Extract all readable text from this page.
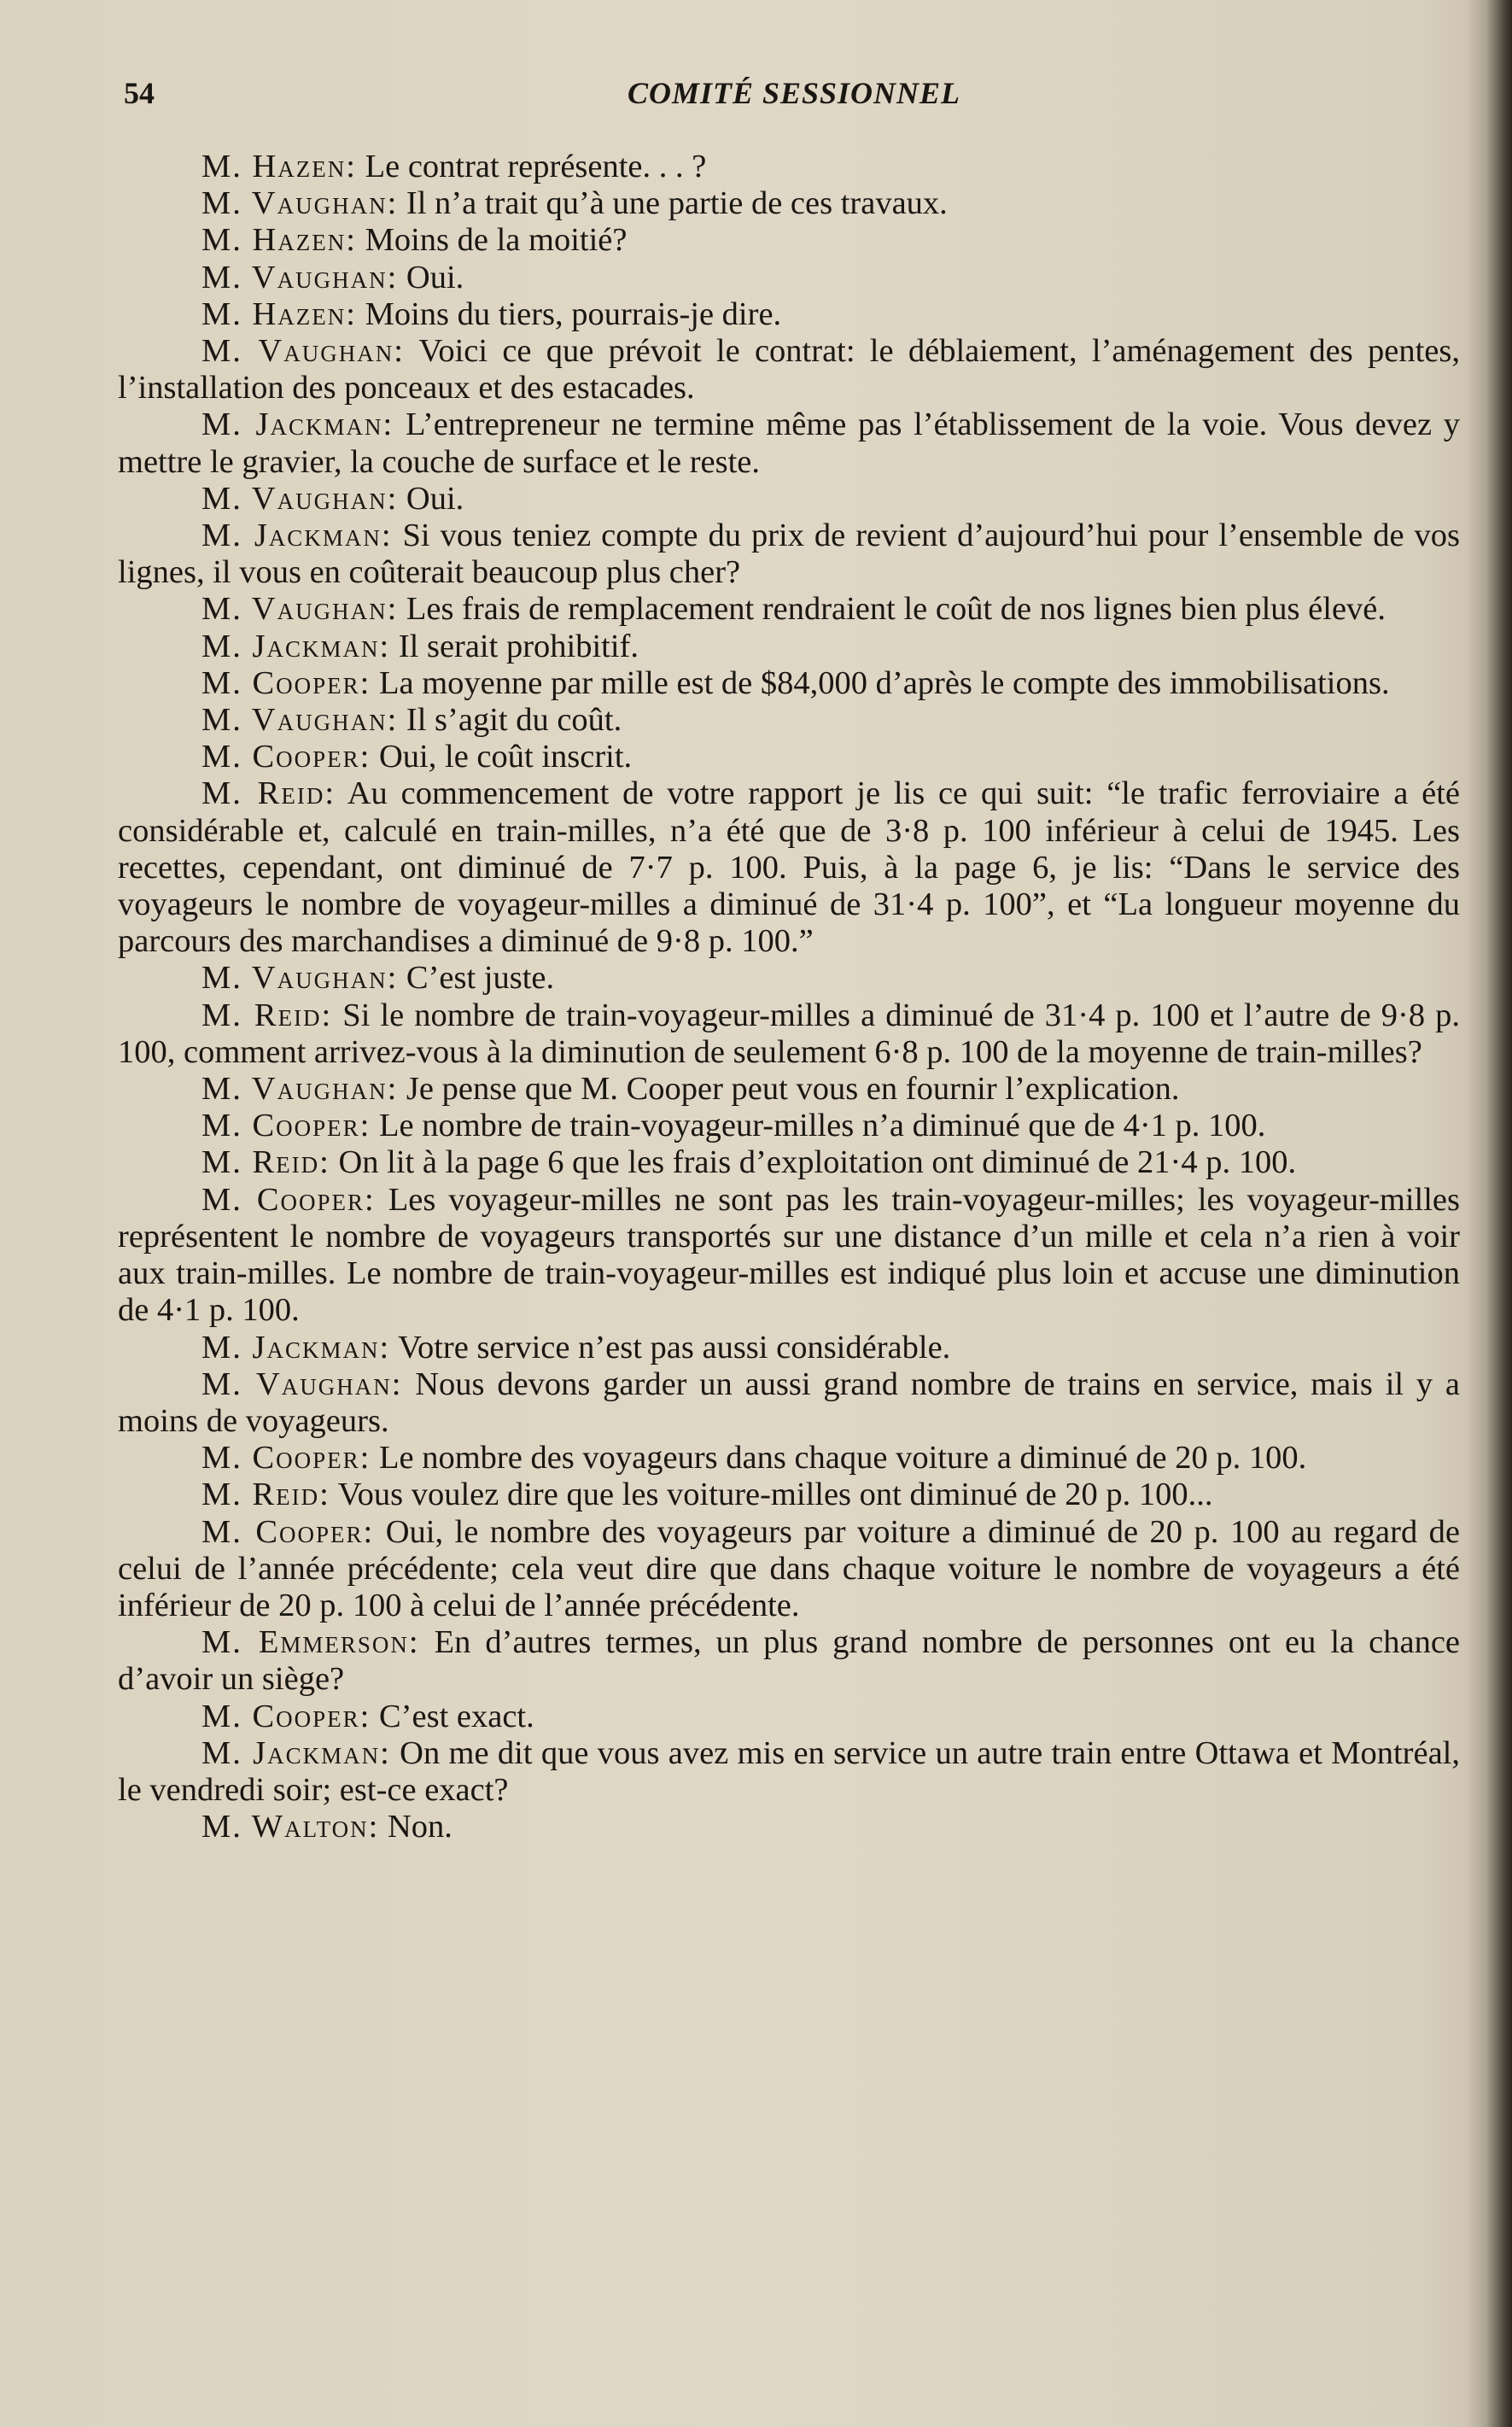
54	COMITÉ SESSIONNEL

M. Hazen: Le contrat représente. . . ?

M. Vaughan: Il n’a trait qu’à une partie de ces travaux.

M. Hazen: Moins de la moitié?

M. Vaughan: Oui.

M. Hazen: Moins du tiers, pourrais-je dire.

M. Vaughan: Voici ce que prévoit le contrat: le déblaiement, l’aménagement des pentes, l’installation des ponceaux et des estacades.

M. Jackman: L’entrepreneur ne termine même pas l’établissement de la voie. Vous devez y mettre le gravier, la couche de surface et le reste.

M. Vaughan: Oui.

M. Jackman: Si vous teniez compte du prix de revient d’aujourd’hui pour l’ensemble de vos lignes, il vous en coûterait beaucoup plus cher?

M. Vaughan: Les frais de remplacement rendraient le coût de nos lignes bien plus élevé.

M. Jackman: Il serait prohibitif.

M. Cooper: La moyenne par mille est de $84,000 d’après le compte des immobilisations.

M. Vaughan: Il s’agit du coût.

M. Cooper: Oui, le coût inscrit.

M. Reid: Au commencement de votre rapport je lis ce qui suit: “le trafic ferroviaire a été considérable et, calculé en train-milles, n’a été que de 3·8 p. 100 inférieur à celui de 1945. Les recettes, cependant, ont diminué de 7·7 p. 100. Puis, à la page 6, je lis: “Dans le service des voyageurs le nombre de voyageur-milles a diminué de 31·4 p. 100”, et “La longueur moyenne du parcours des marchandises a diminué de 9·8 p. 100.”

M. Vaughan: C’est juste.

M. Reid: Si le nombre de train-voyageur-milles a diminué de 31·4 p. 100 et l’autre de 9·8 p. 100, comment arrivez-vous à la diminution de seulement 6·8 p. 100 de la moyenne de train-milles?

M. Vaughan: Je pense que M. Cooper peut vous en fournir l’explication.

M. Cooper: Le nombre de train-voyageur-milles n’a diminué que de 4·1 p. 100.

M. Reid: On lit à la page 6 que les frais d’exploitation ont diminué de 21·4 p. 100.

M. Cooper: Les voyageur-milles ne sont pas les train-voyageur-milles; les voyageur-milles représentent le nombre de voyageurs transportés sur une distance d’un mille et cela n’a rien à voir aux train-milles. Le nombre de train-voyageur-milles est indiqué plus loin et accuse une diminution de 4·1 p. 100.

M. Jackman: Votre service n’est pas aussi considérable.

M. Vaughan: Nous devons garder un aussi grand nombre de trains en service, mais il y a moins de voyageurs.

M. Cooper: Le nombre des voyageurs dans chaque voiture a diminué de 20 p. 100.

M. Reid: Vous voulez dire que les voiture-milles ont diminué de 20 p. 100...

M. Cooper: Oui, le nombre des voyageurs par voiture a diminué de 20 p. 100 au regard de celui de l’année précédente; cela veut dire que dans chaque voiture le nombre de voyageurs a été inférieur de 20 p. 100 à celui de l’année précédente.

M. Emmerson: En d’autres termes, un plus grand nombre de personnes ont eu la chance d’avoir un siège?

M. Cooper: C’est exact.

M. Jackman: On me dit que vous avez mis en service un autre train entre Ottawa et Montréal, le vendredi soir; est-ce exact?

M. Walton: Non.
